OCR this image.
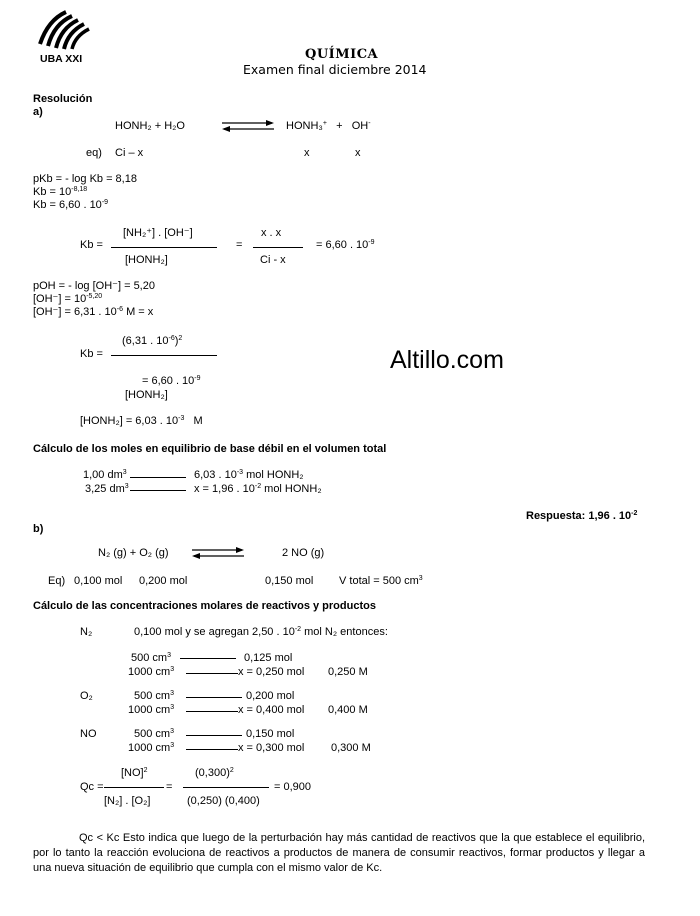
UBA XXI	QUÍMICA
Examen final diciembre 2014
Altillo.com
Resolución
a)
HONH₂ + H₂O	HONH₃+ + OH-
eq) Ci – x	x	x
pKb = - log Kb = 8,18
$Kb = 10^{-8,18}$
Kb = 6,60 . $10^{-9}$
Kb =
[NH₂⁺] . [OH⁻]
[HONH₂]
=
x . x
Ci - x
= 6,60 . $10^{-9}$
pOH = - log [OH⁻] = 5,20
$[OH^-] = 10^{-5,20}$
[OH⁻] = 6,31 . $10^{-6}$ M = x
Kb =
(6,31 . $10^{-6})^2$
= 6,60 . $10^{-9}$
[HONH₂]
[HONH₂] = 6,03 . $10^{-3}$ M
Cálculo de los moles en equilibrio de base débil en el volumen total
1,00 $dm^3$	6,03 . $10^{-3}$ mol HONH₂
3,25 $dm^3$	x = 1,96 . $10^{-2}$ mol HONH₂
Respuesta: 1,96 . $10^{-2}$
b)
N₂ (g) + O₂ (g)	2 NO (g)
Eq) 0,100 mol 0,200 mol	0,150 mol V total = 500 $cm^3$
Cálculo de las concentraciones molares de reactivos y productos
N₂	0,100 mol y se agregan 2,50 . $10^{-2}$ mol N₂ entonces:
500 $cm^3$	0,125 mol
1000 $cm^3$	x = 0,250 mol 0,250 M
O₂	500 $cm^3$	0,200 mol
1000 $cm^3$	x = 0,400 mol 0,400 M
NO	500 $cm^3$	0,150 mol
1000 $cm^3$	x = 0,300 mol 0,300 M
Qc =
[NO]$^2$
=
[N₂] . [O₂]
$(0,300)^2$
(0,250) (0,400)
= 0,900
Qc < Kc Esto indica que luego de la perturbación hay más cantidad de reactivos que la que establece el equilibrio, por lo tanto la reacción evoluciona de reactivos a productos de manera de consumir reactivos, formar productos y llegar a una nueva situación de equilibrio que cumpla con el mismo valor de Kc.
